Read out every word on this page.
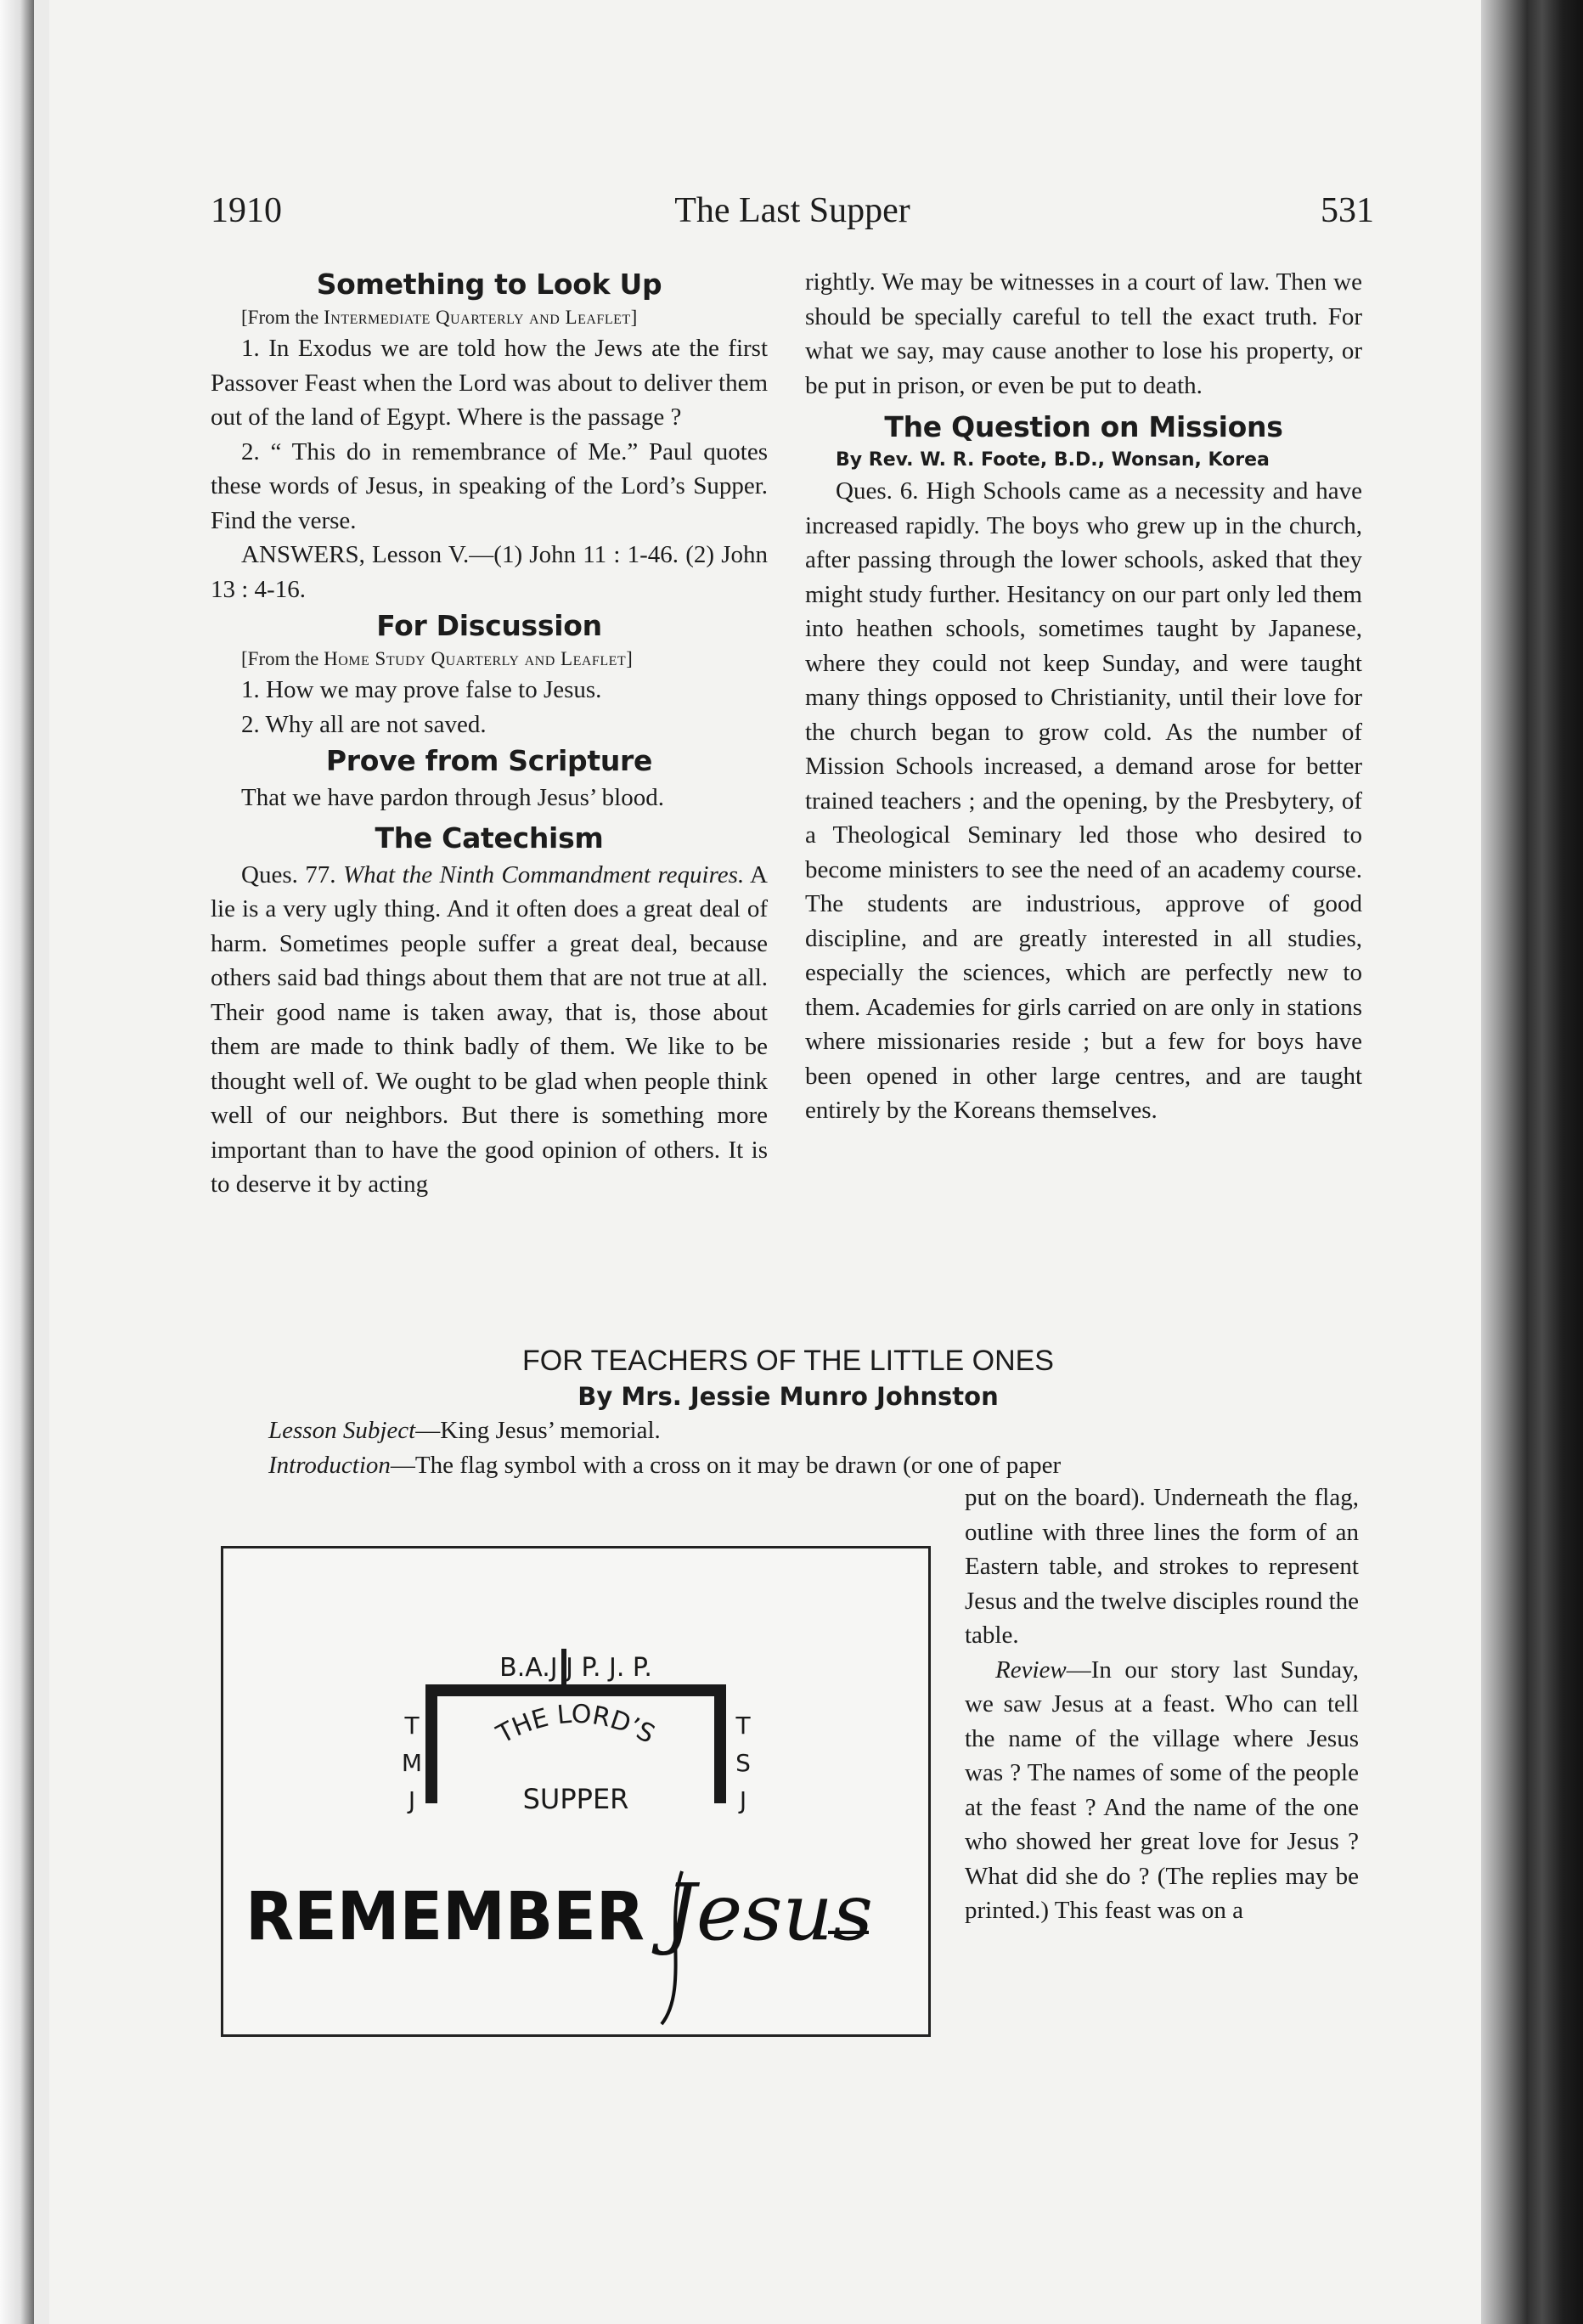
1910	The Last Supper	531
Something to Look Up

[From the Intermediate Quarterly and Leaflet]

1. In Exodus we are told how the Jews ate the first Passover Feast when the Lord was about to deliver them out of the land of Egypt. Where is the passage ?

2. “ This do in remembrance of Me.” Paul quotes these words of Jesus, in speaking of the Lord’s Supper. Find the verse.

ANSWERS, Lesson V.—(1) John 11 : 1-46. (2) John 13 : 4-16.

For Discussion

[From the Home Study Quarterly and Leaflet]

1. How we may prove false to Jesus.

2. Why all are not saved.

Prove from Scripture

That we have pardon through Jesus’ blood.

The Catechism

Ques. 77. What the Ninth Commandment requires. A lie is a very ugly thing. And it often does a great deal of harm. Sometimes people suffer a great deal, because others said bad things about them that are not true at all. Their good name is taken away, that is, those about them are made to think badly of them. We like to be thought well of. We ought to be glad when people think well of our neighbors. But there is something more important than to have the good opinion of others. It is to deserve it by acting

rightly. We may be witnesses in a court of law. Then we should be specially careful to tell the exact truth. For what we say, may cause another to lose his property, or be put in prison, or even be put to death.

The Question on Missions

By Rev. W. R. Foote, B.D., Wonsan, Korea

Ques. 6. High Schools came as a necessity and have increased rapidly. The boys who grew up in the church, after passing through the lower schools, asked that they might study further. Hesitancy on our part only led them into heathen schools, sometimes taught by Japanese, where they could not keep Sunday, and were taught many things opposed to Christianity, until their love for the church began to grow cold. As the number of Mission Schools increased, a demand arose for better trained teachers ; and the opening, by the Presbytery, of a Theological Seminary led those who desired to become ministers to see the need of an academy course. The students are industrious, approve of good discipline, and are greatly interested in all studies, especially the sciences, which are perfectly new to them. Academies for girls carried on are only in stations where missionaries reside ; but a few for boys have been opened in other large centres, and are taught entirely by the Koreans themselves.

FOR TEACHERS OF THE LITTLE ONES

By Mrs. Jessie Munro Johnston

Lesson Subject—King Jesus’ memorial.

Introduction—The flag symbol with a cross on it may be drawn (or one of paper

B.A.J J P. J. P.
T
M
J
T
S
J
THE LORD’S
SUPPER
REMEMBER Jesus

put on the board). Underneath the flag, outline with three lines the form of an Eastern table, and strokes to represent Jesus and the twelve disciples round the table.

Review—In our story last Sunday, we saw Jesus at a feast. Who can tell the name of the village where Jesus was ? The names of some of the people at the feast ? And the name of the one who showed her great love for Jesus ? What did she do ? (The replies may be printed.) This feast was on a
